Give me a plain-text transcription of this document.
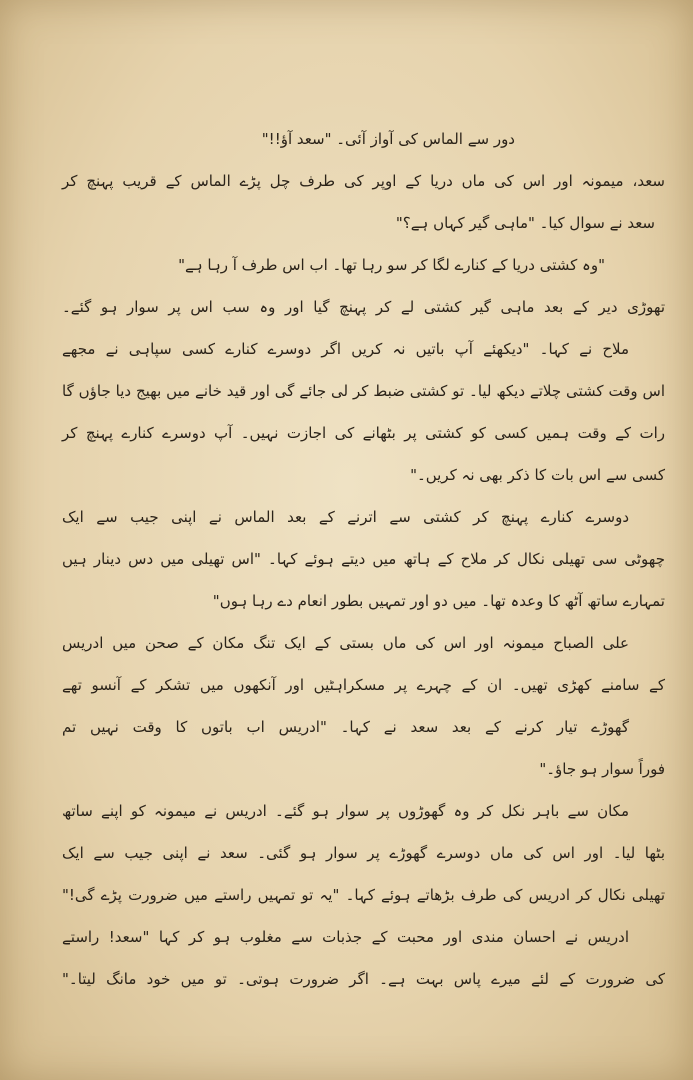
دور سے الماس کی آواز آئی۔ "سعد آؤ!!"
سعد، میمونہ اور اس کی ماں دریا کے اوپر کی طرف چل پڑے الماس کے قریب پہنچ کر
سعد نے سوال کیا۔ "ماہی گیر کہاں ہے؟"
"وہ کشتی دریا کے کنارے لگا کر سو رہا تھا۔ اب اس طرف آ رہا ہے"
تھوڑی دیر کے بعد ماہی گیر کشتی لے کر پہنچ گیا اور وہ سب اس پر سوار ہو گئے۔
ملاح نے کہا۔ "دیکھئے آپ باتیں نہ کریں اگر دوسرے کنارے کسی سپاہی نے مجھے
اس وقت کشتی چلاتے دیکھ لیا۔ تو کشتی ضبط کر لی جائے گی اور قید خانے میں بھیج دیا جاؤں گا
رات کے وقت ہمیں کسی کو کشتی پر بٹھانے کی اجازت نہیں۔ آپ دوسرے کنارے پہنچ کر
کسی سے اس بات کا ذکر بھی نہ کریں۔"
دوسرے کنارے پہنچ کر کشتی سے اترنے کے بعد الماس نے اپنی جیب سے ایک
چھوٹی سی تھیلی نکال کر ملاح کے ہاتھ میں دیتے ہوئے کہا۔ "اس تھیلی میں دس دینار ہیں
تمہارے ساتھ آٹھ کا وعدہ تھا۔ میں دو اور تمہیں بطور انعام دے رہا ہوں"
علی الصباح میمونہ اور اس کی ماں بستی کے ایک تنگ مکان کے صحن میں ادریس
کے سامنے کھڑی تھیں۔ ان کے چہرے پر مسکراہٹیں اور آنکھوں میں تشکر کے آنسو تھے
گھوڑے تیار کرنے کے بعد سعد نے کہا۔ "ادریس اب باتوں کا وقت نہیں تم
فوراً سوار ہو جاؤ۔"
مکان سے باہر نکل کر وہ گھوڑوں پر سوار ہو گئے۔ ادریس نے میمونہ کو اپنے ساتھ
بٹھا لیا۔ اور اس کی ماں دوسرے گھوڑے پر سوار ہو گئی۔ سعد نے اپنی جیب سے ایک
تھیلی نکال کر ادریس کی طرف بڑھاتے ہوئے کہا۔ "یہ تو تمہیں راستے میں ضرورت پڑے گی!"
ادریس نے احسان مندی اور محبت کے جذبات سے مغلوب ہو کر کہا "سعد! راستے
کی ضرورت کے لئے میرے پاس بہت ہے۔ اگر ضرورت ہوتی۔ تو میں خود مانگ لیتا۔"
